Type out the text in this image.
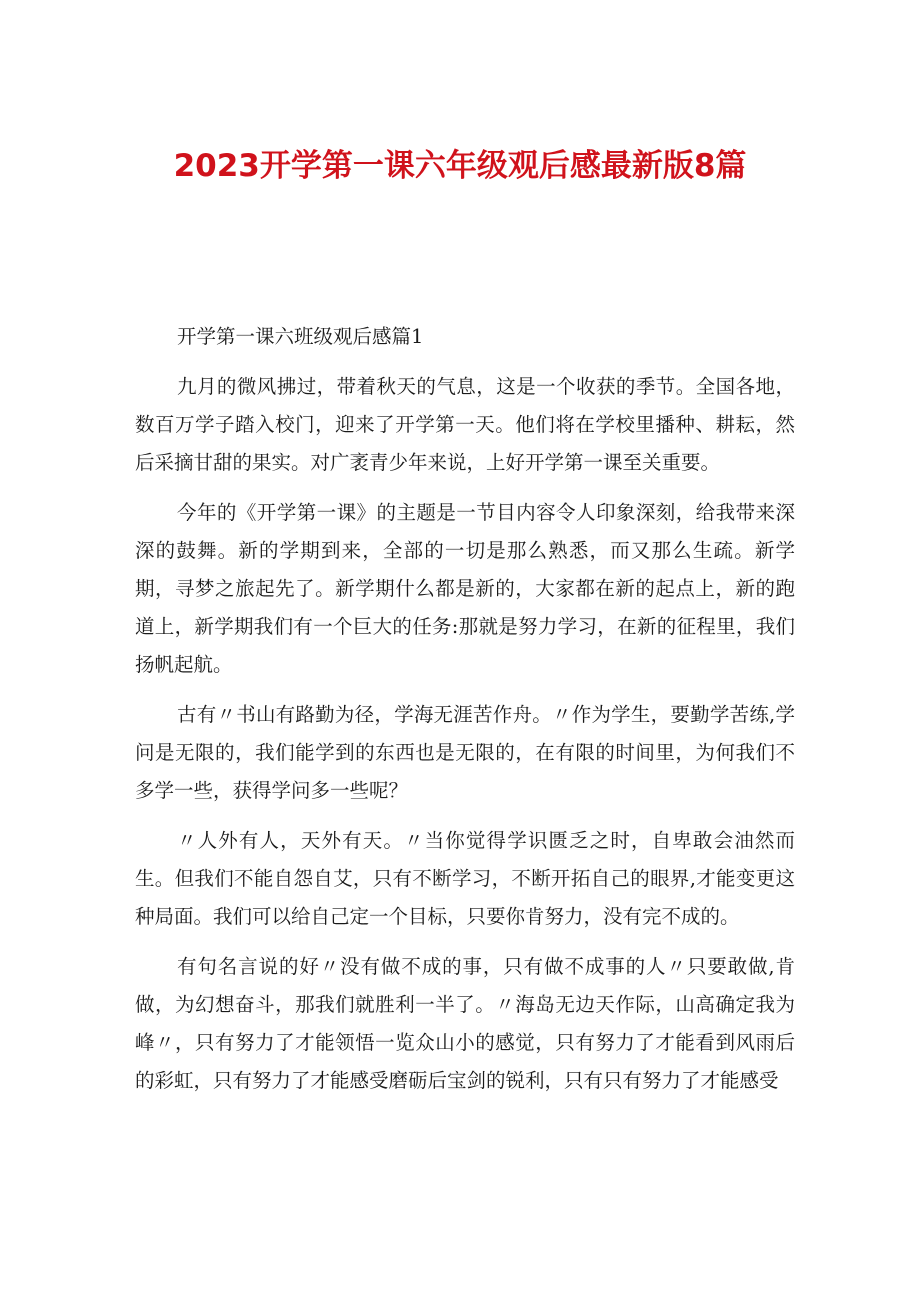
2023开学第一课六年级观后感最新版8篇

开学第一课六班级观后感篇1

九月的微风拂过，带着秋天的气息，这是一个收获的季节。全国各地，数百万学子踏入校门，迎来了开学第一天。他们将在学校里播种、耕耘，然后采摘甘甜的果实。对广袤青少年来说，上好开学第一课至关重要。

今年的《开学第一课》的主题是一节目内容令人印象深刻，给我带来深深的鼓舞。新的学期到来，全部的一切是那么熟悉，而又那么生疏。新学期，寻梦之旅起先了。新学期什么都是新的，大家都在新的起点上，新的跑道上，新学期我们有一个巨大的任务:那就是努力学习，在新的征程里，我们扬帆起航。

古有〃书山有路勤为径，学海无涯苦作舟。〃作为学生，要勤学苦练,学问是无限的，我们能学到的东西也是无限的，在有限的时间里，为何我们不多学一些，获得学问多一些呢？

〃人外有人，天外有天。〃当你觉得学识匮乏之时，自卑敢会油然而生。但我们不能自怨自艾，只有不断学习，不断开拓自己的眼界,才能变更这种局面。我们可以给自己定一个目标，只要你肯努力，没有完不成的。

有句名言说的好〃没有做不成的事，只有做不成事的人〃只要敢做,肯做，为幻想奋斗，那我们就胜利一半了。〃海岛无边天作际，山高确定我为峰〃，只有努力了才能领悟一览众山小的感觉，只有努力了才能看到风雨后的彩虹，只有努力了才能感受磨砺后宝剑的锐利，只有只有努力了才能感受
